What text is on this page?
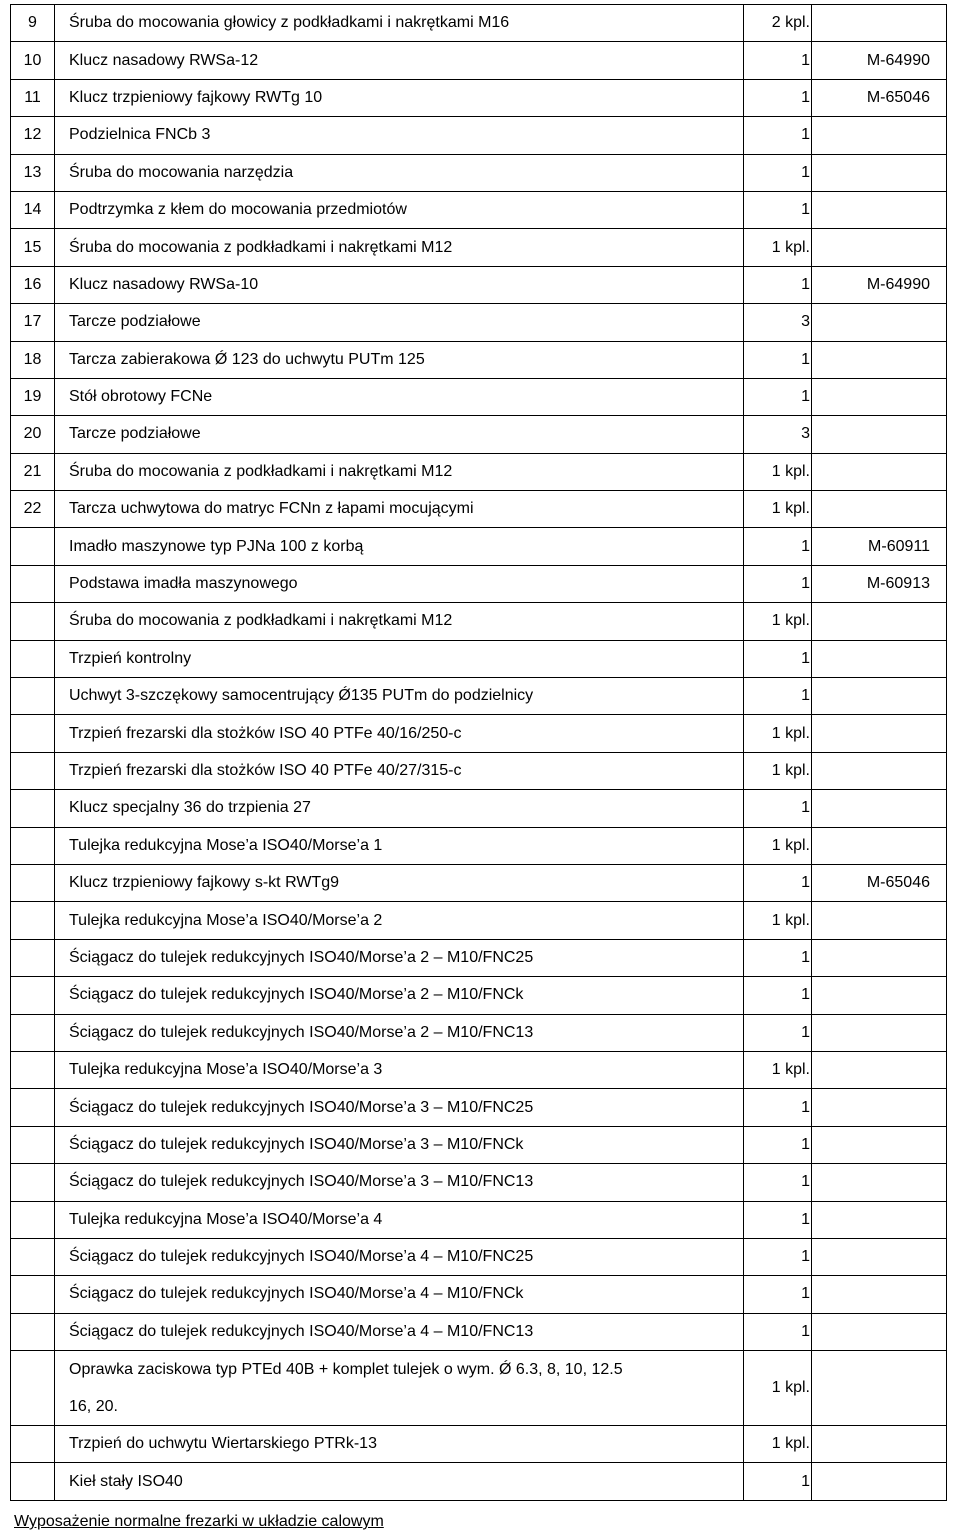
9	Śruba do mocowania głowicy z podkładkami i nakrętkami M16	2 kpl.	
10	Klucz nasadowy RWSa-12	1	M-64990
11	Klucz trzpieniowy fajkowy RWTg 10	1	M-65046
12	Podzielnica FNCb 3	1	
13	Śruba do mocowania narzędzia	1	
14	Podtrzymka z kłem do mocowania przedmiotów	1	
15	Śruba do mocowania z podkładkami i nakrętkami M12	1 kpl.	
16	Klucz nasadowy RWSa-10	1	M-64990
17	Tarcze podziałowe	3	
18	Tarcza zabierakowa Ǿ 123 do uchwytu PUTm 125	1	
19	Stół obrotowy FCNe	1	
20	Tarcze podziałowe	3	
21	Śruba do mocowania z podkładkami i nakrętkami M12	1 kpl.	
22	Tarcza uchwytowa do matryc FCNn z łapami mocującymi	1 kpl.	
	Imadło maszynowe typ PJNa 100 z korbą	1	M-60911
	Podstawa imadła maszynowego	1	M-60913
	Śruba do mocowania z podkładkami i nakrętkami M12	1 kpl.	
	Trzpień kontrolny	1	
	Uchwyt 3-szczękowy samocentrujący Ǿ135 PUTm do podzielnicy	1	
	Trzpień frezarski dla stożków ISO 40 PTFe 40/16/250-c	1 kpl.	
	Trzpień frezarski dla stożków ISO 40 PTFe 40/27/315-c	1 kpl.	
	Klucz specjalny 36 do trzpienia 27	1	
	Tulejka redukcyjna Mose’a ISO40/Morse’a 1	1 kpl.	
	Klucz trzpieniowy fajkowy s-kt RWTg9	1	M-65046
	Tulejka redukcyjna Mose’a ISO40/Morse’a 2	1 kpl.	
	Ściągacz do tulejek redukcyjnych ISO40/Morse’a 2 – M10/FNC25	1	
	Ściągacz do tulejek redukcyjnych ISO40/Morse’a 2 – M10/FNCk	1	
	Ściągacz do tulejek redukcyjnych ISO40/Morse’a 2 – M10/FNC13	1	
	Tulejka redukcyjna Mose’a ISO40/Morse’a 3	1 kpl.	
	Ściągacz do tulejek redukcyjnych ISO40/Morse’a 3 – M10/FNC25	1	
	Ściągacz do tulejek redukcyjnych ISO40/Morse’a 3 – M10/FNCk	1	
	Ściągacz do tulejek redukcyjnych ISO40/Morse’a 3 – M10/FNC13	1	
	Tulejka redukcyjna Mose’a ISO40/Morse’a 4	1	
	Ściągacz do tulejek redukcyjnych ISO40/Morse’a 4 – M10/FNC25	1	
	Ściągacz do tulejek redukcyjnych ISO40/Morse’a 4 – M10/FNCk	1	
	Ściągacz do tulejek redukcyjnych ISO40/Morse’a 4 – M10/FNC13	1	

	Oprawka zaciskowa typ PTEd 40B + komplet tulejek o wym. Ǿ 6.3, 8, 10, 12.5
16, 20.	1 kpl.	
	Trzpień do uchwytu Wiertarskiego PTRk-13	1 kpl.	
	Kieł stały ISO40	1	
Wyposażenie normalne frezarki w układzie calowym
